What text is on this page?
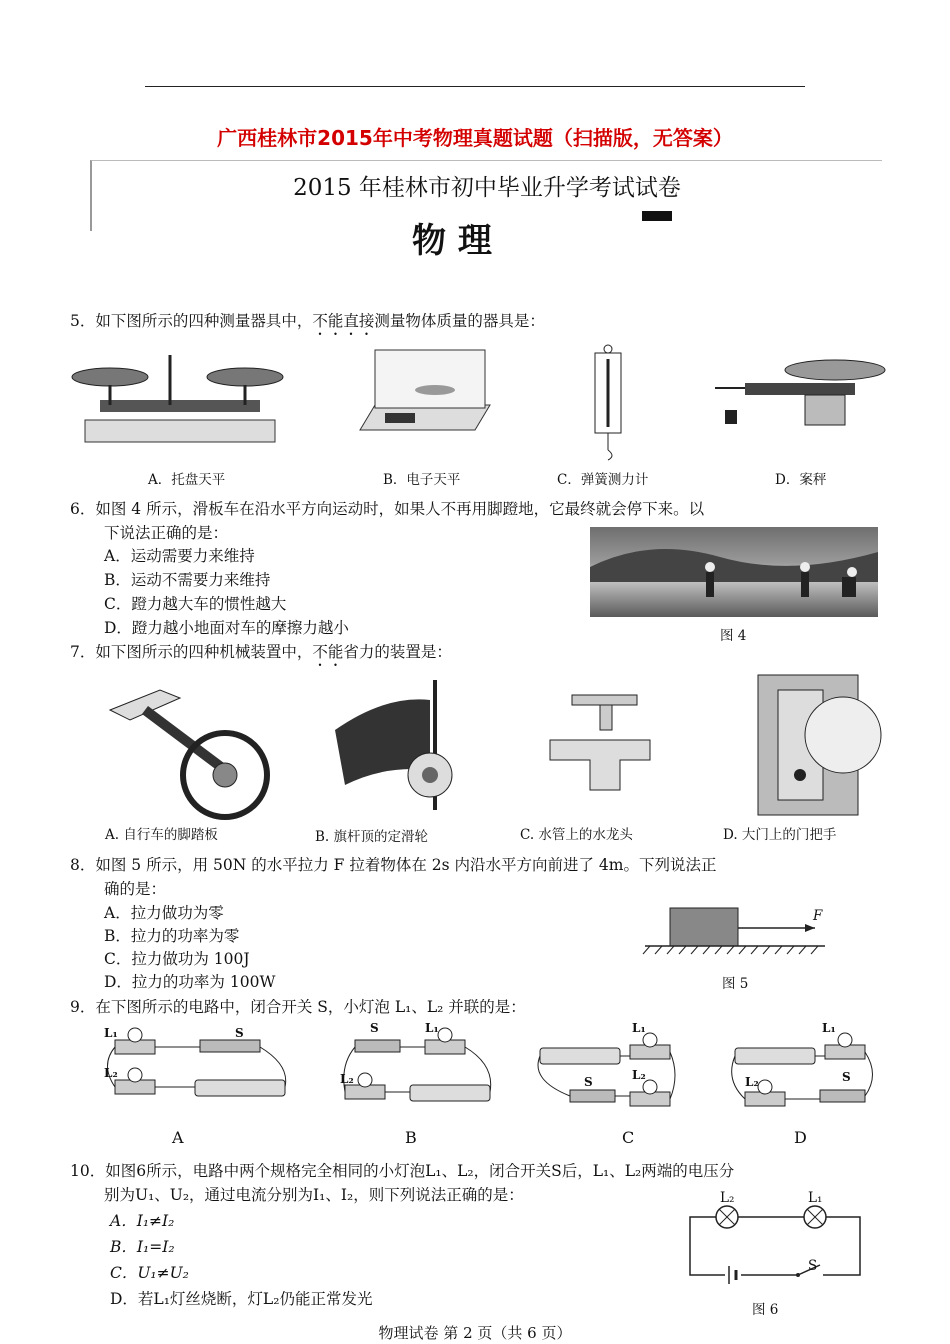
广西桂林市2015年中考物理真题试题（扫描版，无答案）
2015 年桂林市初中毕业升学考试试卷
物 理
5．如下图所示的四种测量器具中，不能直接测量物体质量的器具是：
A．托盘天平	B．电子天平	C．弹簧测力计	D．案秤
6．如图 4 所示，滑板车在沿水平方向运动时，如果人不再用脚蹬地，它最终就会停下来。以
下说法正确的是：
A．运动需要力来维持
B．运动不需要力来维持
C．蹬力越大车的惯性越大
D．蹬力越小地面对车的摩擦力越小	图 4
7．如下图所示的四种机械装置中，不能省力的装置是：
A. 自行车的脚踏板	B. 旗杆顶的定滑轮	C. 水管上的水龙头	D. 大门上的门把手
8．如图 5 所示，用 50N 的水平拉力 F 拉着物体在 2s 内沿水平方向前进了 4m。下列说法正
确的是：
A．拉力做功为零
B．拉力的功率为零
C．拉力做功为 100J
D．拉力的功率为 100W
F
图 5
9．在下图所示的电路中，闭合开关 S，小灯泡 L₁、L₂ 并联的是：
L₁
L₂
S
A
S	L₁
L₂
B
L₁
S	L₂
C
L₁
L₂	S
D
10．如图6所示，电路中两个规格完全相同的小灯泡L₁、L₂，闭合开关S后，L₁、L₂两端的电压分
别为U₁、U₂，通过电流分别为I₁、I₂，则下列说法正确的是：
A．I₁≠I₂
B．I₁=I₂
C．U₁≠U₂
D．若L₁灯丝烧断，灯L₂仍能正常发光
L₂	L₁
S
图 6
物理试卷 第 2 页（共 6 页）
